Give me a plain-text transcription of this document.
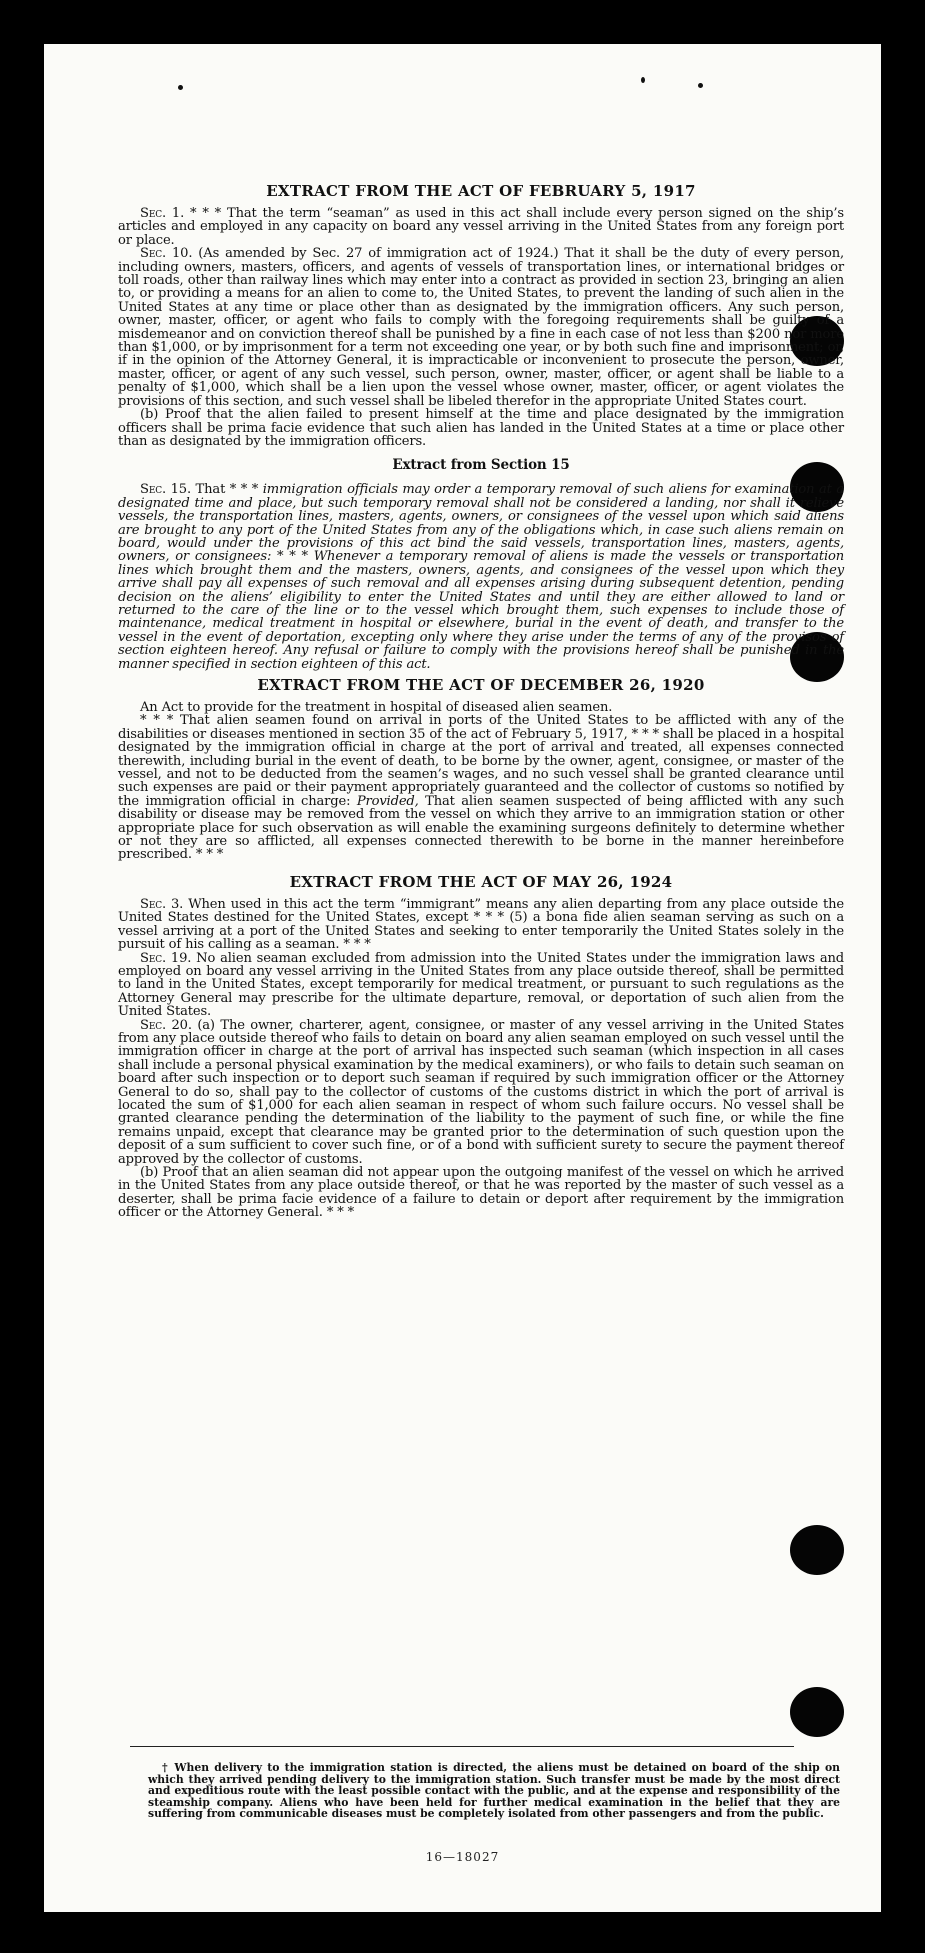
EXTRACT FROM THE ACT OF FEBRUARY 5, 1917

Sec. 1. * * * That the term “seaman” as used in this act shall include every person signed on the ship’s articles and employed in any capacity on board any vessel arriving in the United States from any foreign port or place.

Sec. 10. (As amended by Sec. 27 of immigration act of 1924.) That it shall be the duty of every person, including owners, masters, officers, and agents of vessels of transportation lines, or international bridges or toll roads, other than railway lines which may enter into a contract as provided in section 23, bringing an alien to, or providing a means for an alien to come to, the United States, to prevent the landing of such alien in the United States at any time or place other than as designated by the immigration officers. Any such person, owner, master, officer, or agent who fails to comply with the foregoing requirements shall be guilty of a misdemeanor and on conviction thereof shall be punished by a fine in each case of not less than $200 nor more than $1,000, or by imprisonment for a term not exceeding one year, or by both such fine and imprisonment; or, if in the opinion of the Attorney General, it is impracticable or inconvenient to prosecute the person, owner, master, officer, or agent of any such vessel, such person, owner, master, officer, or agent shall be liable to a penalty of $1,000, which shall be a lien upon the vessel whose owner, master, officer, or agent violates the provisions of this section, and such vessel shall be libeled therefor in the appropriate United States court.

(b) Proof that the alien failed to present himself at the time and place designated by the immigration officers shall be prima facie evidence that such alien has landed in the United States at a time or place other than as designated by the immigration officers.

Extract from Section 15

Sec. 15. That * * * immigration officials may order a temporary removal of such aliens for examination at a designated time and place, but such temporary removal shall not be considered a landing, nor shall it relieve vessels, the transportation lines, masters, agents, owners, or consignees of the vessel upon which said aliens are brought to any port of the United States from any of the obligations which, in case such aliens remain on board, would under the provisions of this act bind the said vessels, transportation lines, masters, agents, owners, or consignees: * * * Whenever a temporary removal of aliens is made the vessels or transportation lines which brought them and the masters, owners, agents, and consignees of the vessel upon which they arrive shall pay all expenses of such removal and all expenses arising during subsequent detention, pending decision on the aliens’ eligibility to enter the United States and until they are either allowed to land or returned to the care of the line or to the vessel which brought them, such expenses to include those of maintenance, medical treatment in hospital or elsewhere, burial in the event of death, and transfer to the vessel in the event of deportation, excepting only where they arise under the terms of any of the provisos of section eighteen hereof. Any refusal or failure to comply with the provisions hereof shall be punished in the manner specified in section eighteen of this act.

EXTRACT FROM THE ACT OF DECEMBER 26, 1920

An Act to provide for the treatment in hospital of diseased alien seamen.

* * * That alien seamen found on arrival in ports of the United States to be afflicted with any of the disabilities or diseases mentioned in section 35 of the act of February 5, 1917, * * * shall be placed in a hospital designated by the immigration official in charge at the port of arrival and treated, all expenses connected therewith, including burial in the event of death, to be borne by the owner, agent, consignee, or master of the vessel, and not to be deducted from the seamen’s wages, and no such vessel shall be granted clearance until such expenses are paid or their payment appropriately guaranteed and the collector of customs so notified by the immigration official in charge: Provided, That alien seamen suspected of being afflicted with any such disability or disease may be removed from the vessel on which they arrive to an immigration station or other appropriate place for such observation as will enable the examining surgeons definitely to determine whether or not they are so afflicted, all expenses connected therewith to be borne in the manner hereinbefore prescribed. * * *

EXTRACT FROM THE ACT OF MAY 26, 1924

Sec. 3. When used in this act the term “immigrant” means any alien departing from any place outside the United States destined for the United States, except * * * (5) a bona fide alien seaman serving as such on a vessel arriving at a port of the United States and seeking to enter temporarily the United States solely in the pursuit of his calling as a seaman. * * *

Sec. 19. No alien seaman excluded from admission into the United States under the immigration laws and employed on board any vessel arriving in the United States from any place outside thereof, shall be permitted to land in the United States, except temporarily for medical treatment, or pursuant to such regulations as the Attorney General may prescribe for the ultimate departure, removal, or deportation of such alien from the United States.

Sec. 20. (a) The owner, charterer, agent, consignee, or master of any vessel arriving in the United States from any place outside thereof who fails to detain on board any alien seaman employed on such vessel until the immigration officer in charge at the port of arrival has inspected such seaman (which inspection in all cases shall include a personal physical examination by the medical examiners), or who fails to detain such seaman on board after such inspection or to deport such seaman if required by such immigration officer or the Attorney General to do so, shall pay to the collector of customs of the customs district in which the port of arrival is located the sum of $1,000 for each alien seaman in respect of whom such failure occurs. No vessel shall be granted clearance pending the determination of the liability to the payment of such fine, or while the fine remains unpaid, except that clearance may be granted prior to the determination of such question upon the deposit of a sum sufficient to cover such fine, or of a bond with sufficient surety to secure the payment thereof approved by the collector of customs.

(b) Proof that an alien seaman did not appear upon the outgoing manifest of the vessel on which he arrived in the United States from any place outside thereof, or that he was reported by the master of such vessel as a deserter, shall be prima facie evidence of a failure to detain or deport after requirement by the immigration officer or the Attorney General. * * *

† When delivery to the immigration station is directed, the aliens must be detained on board of the ship on which they arrived pending delivery to the immigration station. Such transfer must be made by the most direct and expeditious route with the least possible contact with the public, and at the expense and responsibility of the steamship company. Aliens who have been held for further medical examination in the belief that they are suffering from communicable diseases must be completely isolated from other passengers and from the public.

16—18027
